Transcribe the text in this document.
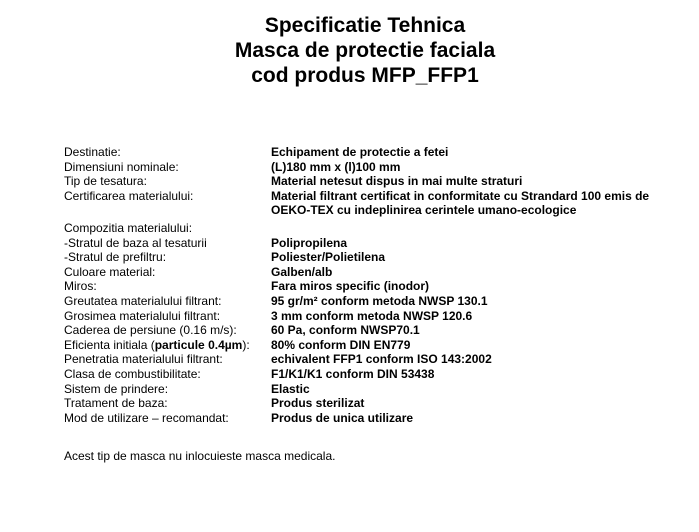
Specificatie Tehnica
Masca de protectie faciala
cod produs MFP_FFP1
Destinatie:	Echipament de protectie a fetei
Dimensiuni nominale:	(L)180 mm x (l)100 mm
Tip de tesatura:	Material netesut dispus in mai multe straturi
Certificarea materialului:	Material filtrant certificat in conformitate cu Strandard 100 emis de OEKO-TEX cu indeplinirea cerintele umano-ecologice
Compozitia materialului:
-Stratul de baza al tesaturii	Polipropilena
-Stratul de prefiltru:	Poliester/Polietilena
Culoare material:	Galben/alb
Miros:	Fara miros specific (inodor)
Greutatea materialului filtrant:	95 gr/m² conform metoda NWSP 130.1
Grosimea materialului filtrant:	3 mm conform metoda NWSP 120.6
Caderea de persiune (0.16 m/s):	60 Pa, conform NWSP70.1
Eficienta initiala (particule 0.4µm):	80% conform DIN EN779
Penetratia materialului filtrant:	echivalent FFP1 conform ISO 143:2002
Clasa de combustibilitate:	F1/K1/K1 conform DIN 53438
Sistem de prindere:	Elastic
Tratament de baza:	Produs sterilizat
Mod de utilizare – recomandat:	Produs de unica utilizare
Acest tip de masca nu inlocuieste masca medicala.
